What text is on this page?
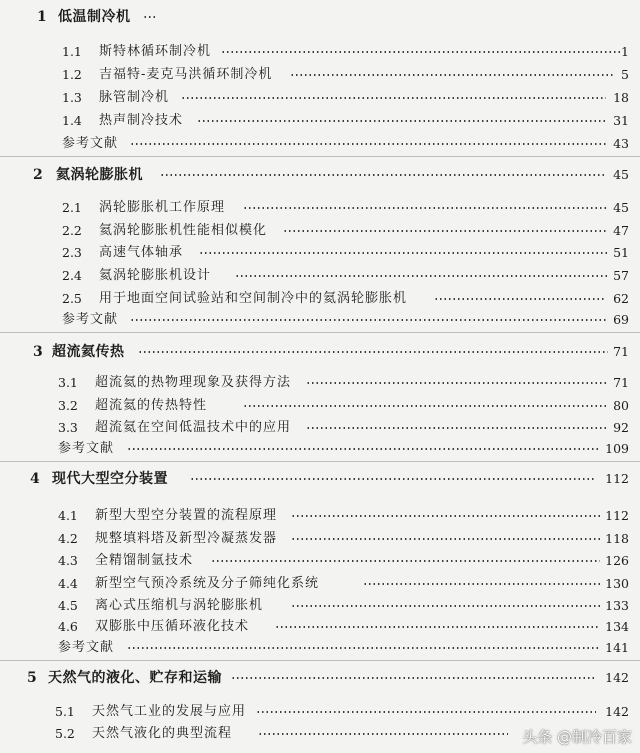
1 低温制冷机
1.1 斯特林循环制冷机	1
1.2 吉福特-麦克马洪循环制冷机	5
1.3 脉管制冷机	18
1.4 热声制冷技术	31
参考文献	43
2 氦涡轮膨胀机	45
2.1 涡轮膨胀机工作原理	45
2.2 氦涡轮膨胀机性能相似模化	47
2.3 高速气体轴承	51
2.4 氦涡轮膨胀机设计	57
2.5 用于地面空间试验站和空间制冷中的氦涡轮膨胀机	62
参考文献	69
3 超流氦传热	71
3.1 超流氦的热物理现象及获得方法	71
3.2 超流氦的传热特性	80
3.3 超流氦在空间低温技术中的应用	92
参考文献	109
4 现代大型空分装置	112
4.1 新型大型空分装置的流程原理	112
4.2 规整填料塔及新型冷凝蒸发器	118
4.3 全精馏制氩技术	126
4.4 新型空气预冷系统及分子筛纯化系统	130
4.5 离心式压缩机与涡轮膨胀机	133
4.6 双膨胀中压循环液化技术	134
参考文献	141
5 天然气的液化、贮存和运输	142
5.1 天然气工业的发展与应用	142
5.2 天然气液化的典型流程	头条 @制冷百家
